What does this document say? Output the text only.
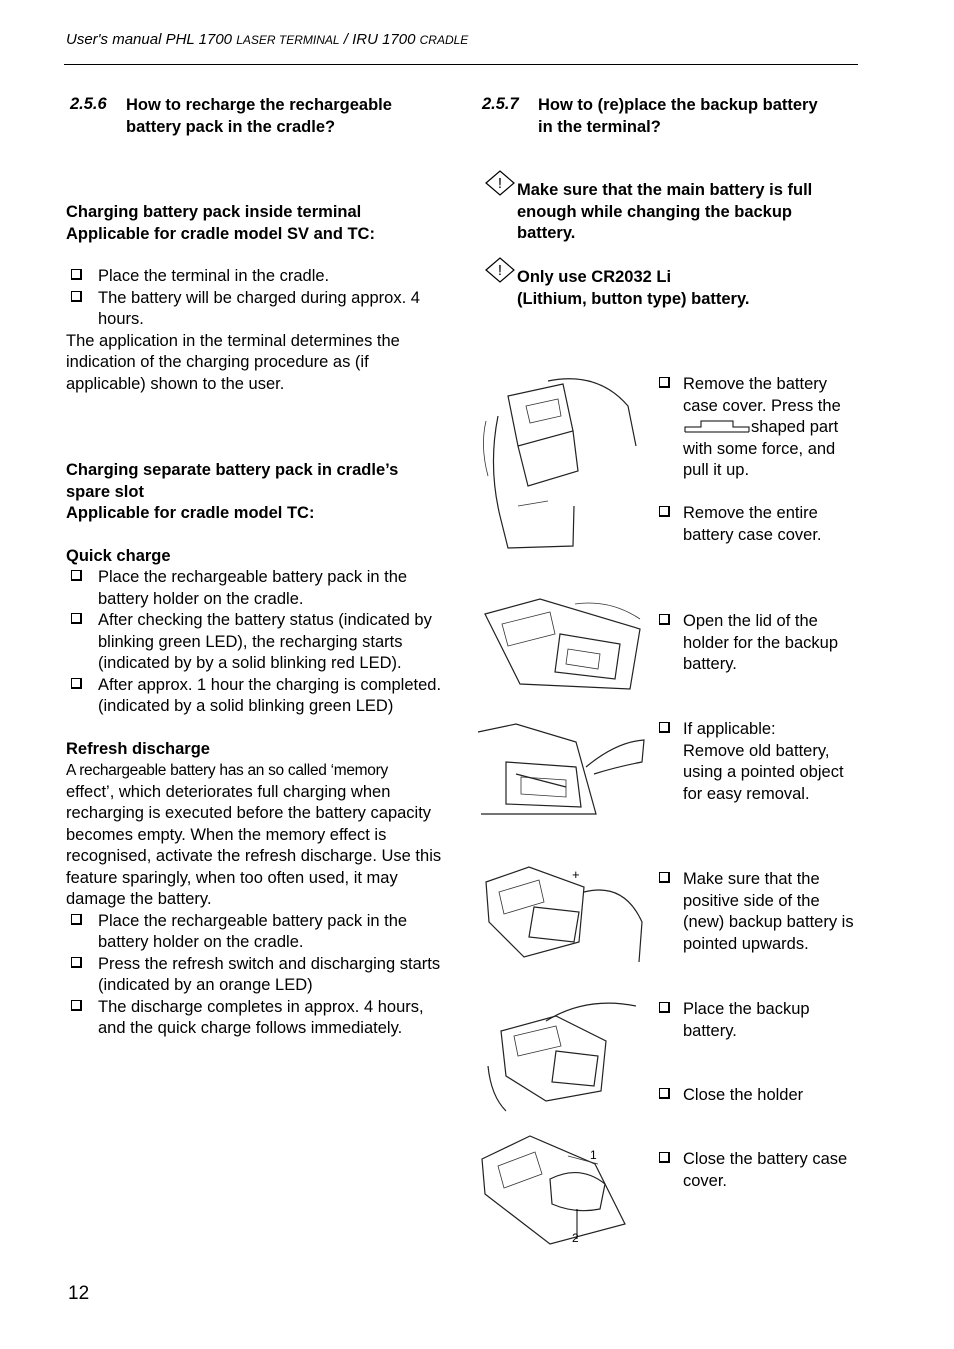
User's manual PHL 1700 LASER TERMINAL / IRU 1700 CRADLE
2.5.6 How to recharge the rechargeable
battery pack in the cradle?
Charging battery pack inside terminal
Applicable for cradle model SV and TC:
Place the terminal in the cradle.
The battery will be charged during approx. 4 hours.
The application in the terminal determines the indication of the charging procedure as (if applicable) shown to the user.
Charging separate battery pack in cradle’s
spare slot
Applicable for cradle model TC:
Quick charge
Place the rechargeable battery pack in the battery holder on the cradle.
After checking the battery status (indicated by blinking green LED), the recharging starts (indicated by by a solid blinking red LED).
After approx. 1 hour the charging is completed. (indicated by a solid blinking green LED)
Refresh discharge
A rechargeable battery has an so called ‘memory
effect’, which deteriorates full charging when recharging is executed before the battery capacity becomes empty. When the memory effect is recognised, activate the refresh discharge. Use this feature sparingly, when too often used, it may damage the battery.
Place the rechargeable battery pack in the battery holder on the cradle.
Press the refresh switch and discharging starts (indicated by an orange LED)
The discharge completes in approx. 4 hours, and the quick charge follows immediately.
2.5.7 How to (re)place the backup battery
in the terminal?
! Make sure that the main battery is full enough while changing the backup battery.
! Only use CR2032 Li
(Lithium, button type) battery.
Remove the battery
case cover. Press the
shaped part
with some force, and pull it up.
Remove the entire battery case cover.
Open the lid of the holder for the backup battery.
If applicable:
Remove old battery, using a pointed object for easy removal.
Make sure that the positive side of the (new) backup battery is pointed upwards.
Place the backup battery.
Close the holder
Close the battery case cover.
+
1
2
12
